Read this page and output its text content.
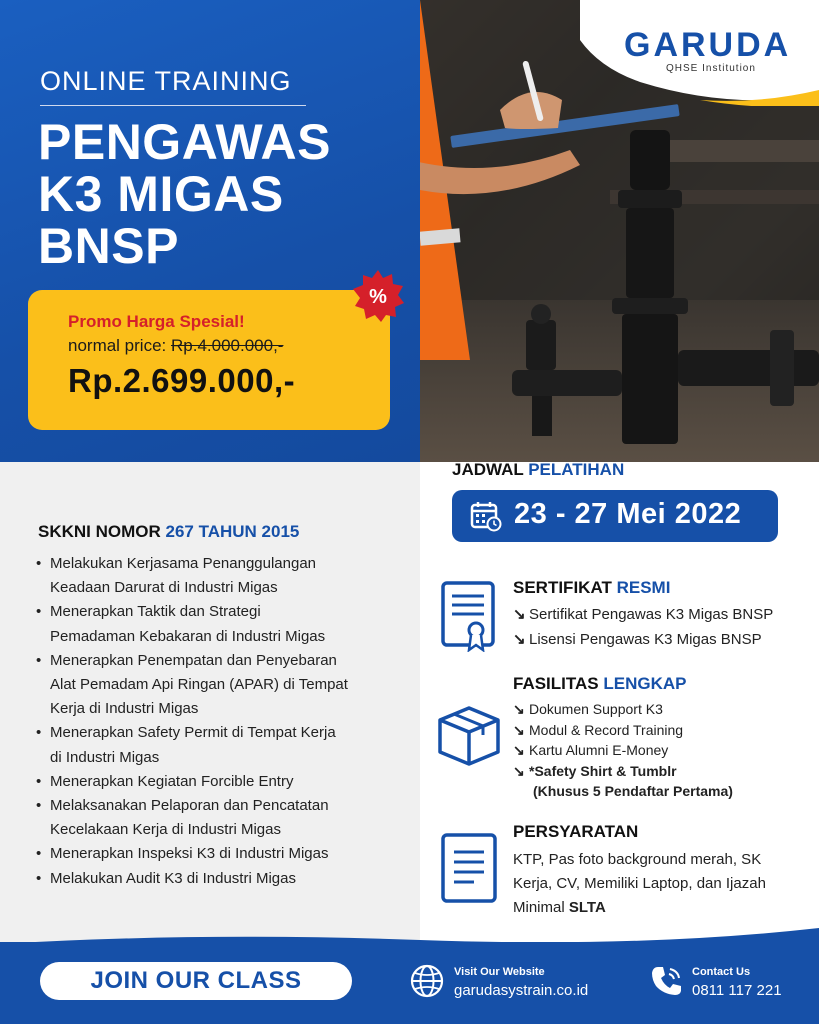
ONLINE TRAINING
PENGAWAS
K3 MIGAS
BNSP
Promo Harga Spesial!
normal price: Rp.4.000.000,-
Rp.2.699.000,-
%
GARUDA
QHSE Institution
SKKNI NOMOR 267 TAHUN 2015
• Melakukan Kerjasama Penanggulangan
Keadaan Darurat di Industri Migas
• Menerapkan Taktik dan Strategi
Pemadaman Kebakaran di Industri Migas
• Menerapkan Penempatan dan Penyebaran
Alat Pemadam Api Ringan (APAR) di Tempat
Kerja di Industri Migas
• Menerapkan Safety Permit di Tempat Kerja
di Industri Migas
• Menerapkan Kegiatan Forcible Entry
• Melaksanakan Pelaporan dan Pencatatan
Kecelakaan Kerja di Industri Migas
• Menerapkan Inspeksi K3 di Industri Migas
• Melakukan Audit K3 di Industri Migas
JADWAL PELATIHAN
23 - 27 Mei 2022
SERTIFIKAT RESMI
↘ Sertifikat Pengawas K3 Migas BNSP
↘ Lisensi Pengawas K3 Migas BNSP
FASILITAS LENGKAP
↘ Dokumen Support K3
↘ Modul & Record Training
↘ Kartu Alumni E-Money
↘ *Safety Shirt & Tumblr
(Khusus 5 Pendaftar Pertama)
PERSYARATAN
KTP, Pas foto background merah, SK Kerja, CV, Memiliki Laptop, dan Ijazah Minimal SLTA
JOIN OUR CLASS	Visit Our Website
garudasystrain.co.id
Contact Us
0811 117 221
